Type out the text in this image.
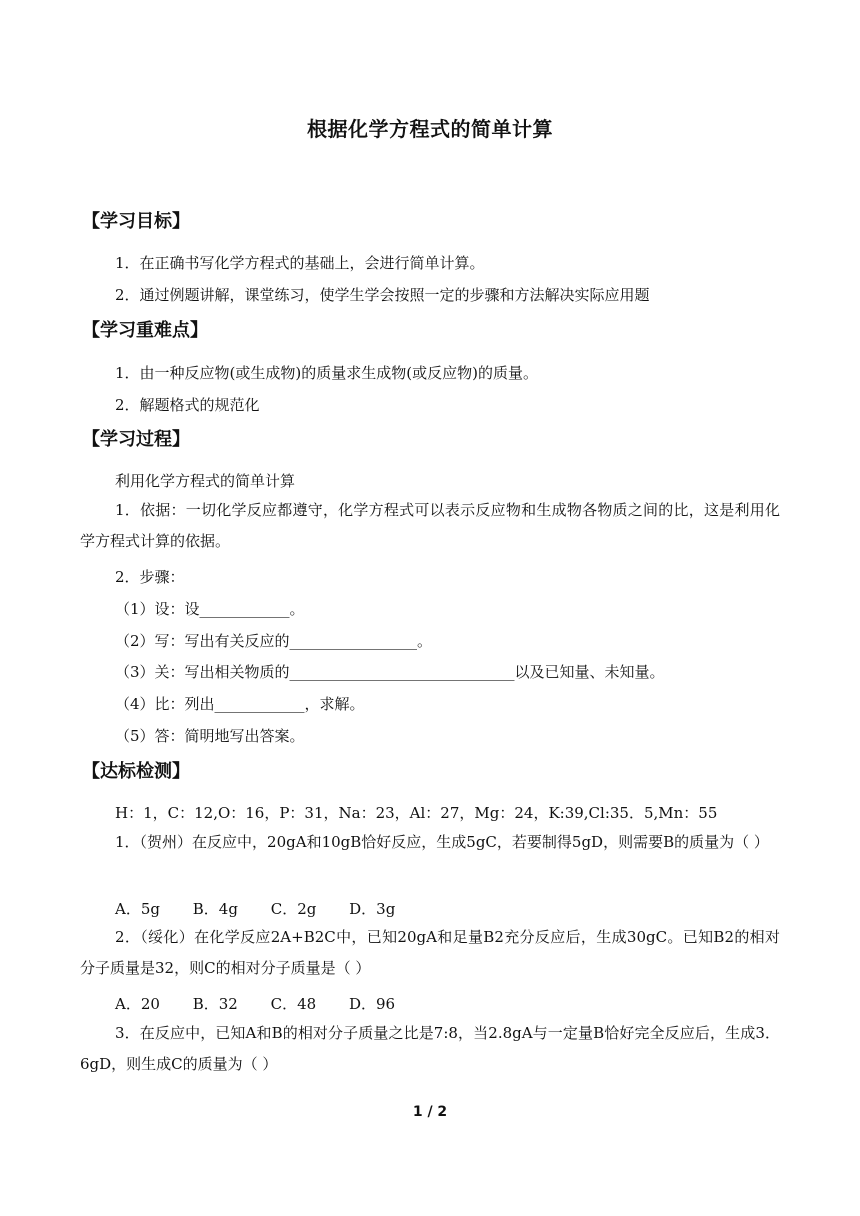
根据化学方程式的简单计算
【学习目标】
1．在正确书写化学方程式的基础上，会进行简单计算。
2．通过例题讲解，课堂练习，使学生学会按照一定的步骤和方法解决实际应用题
【学习重难点】
1．由一种反应物(或生成物)的质量求生成物(或反应物)的质量。
2．解题格式的规范化
【学习过程】
利用化学方程式的简单计算
1．依据：一切化学反应都遵守，化学方程式可以表示反应物和生成物各物质之间的比，这是利用化学方程式计算的依据。
2．步骤：
（1）设：设____________。
（2）写：写出有关反应的_________________。
（3）关：写出相关物质的______________________________以及已知量、未知量。
（4）比：列出____________，求解。
（5）答：简明地写出答案。
【达标检测】
H：1，C：12,O：16，P：31，Na：23，Al：27，Mg：24，K:39,Cl:35．5,Mn：55
1．（贺州）在反应中，20gA和10gB恰好反应，生成5gC，若要制得5gD，则需要B的质量为（ ）
A．5g B．4g C．2g D．3g
2．（绥化）在化学反应2A+B2C中，已知20gA和足量B2充分反应后，生成30gC。已知B2的相对分子质量是32，则C的相对分子质量是（ ）
A．20 B．32 C．48 D．96
3．在反应中，已知A和B的相对分子质量之比是7:8，当2.8gA与一定量B恰好完全反应后，生成3．6gD，则生成C的质量为（ ）
1 / 2
